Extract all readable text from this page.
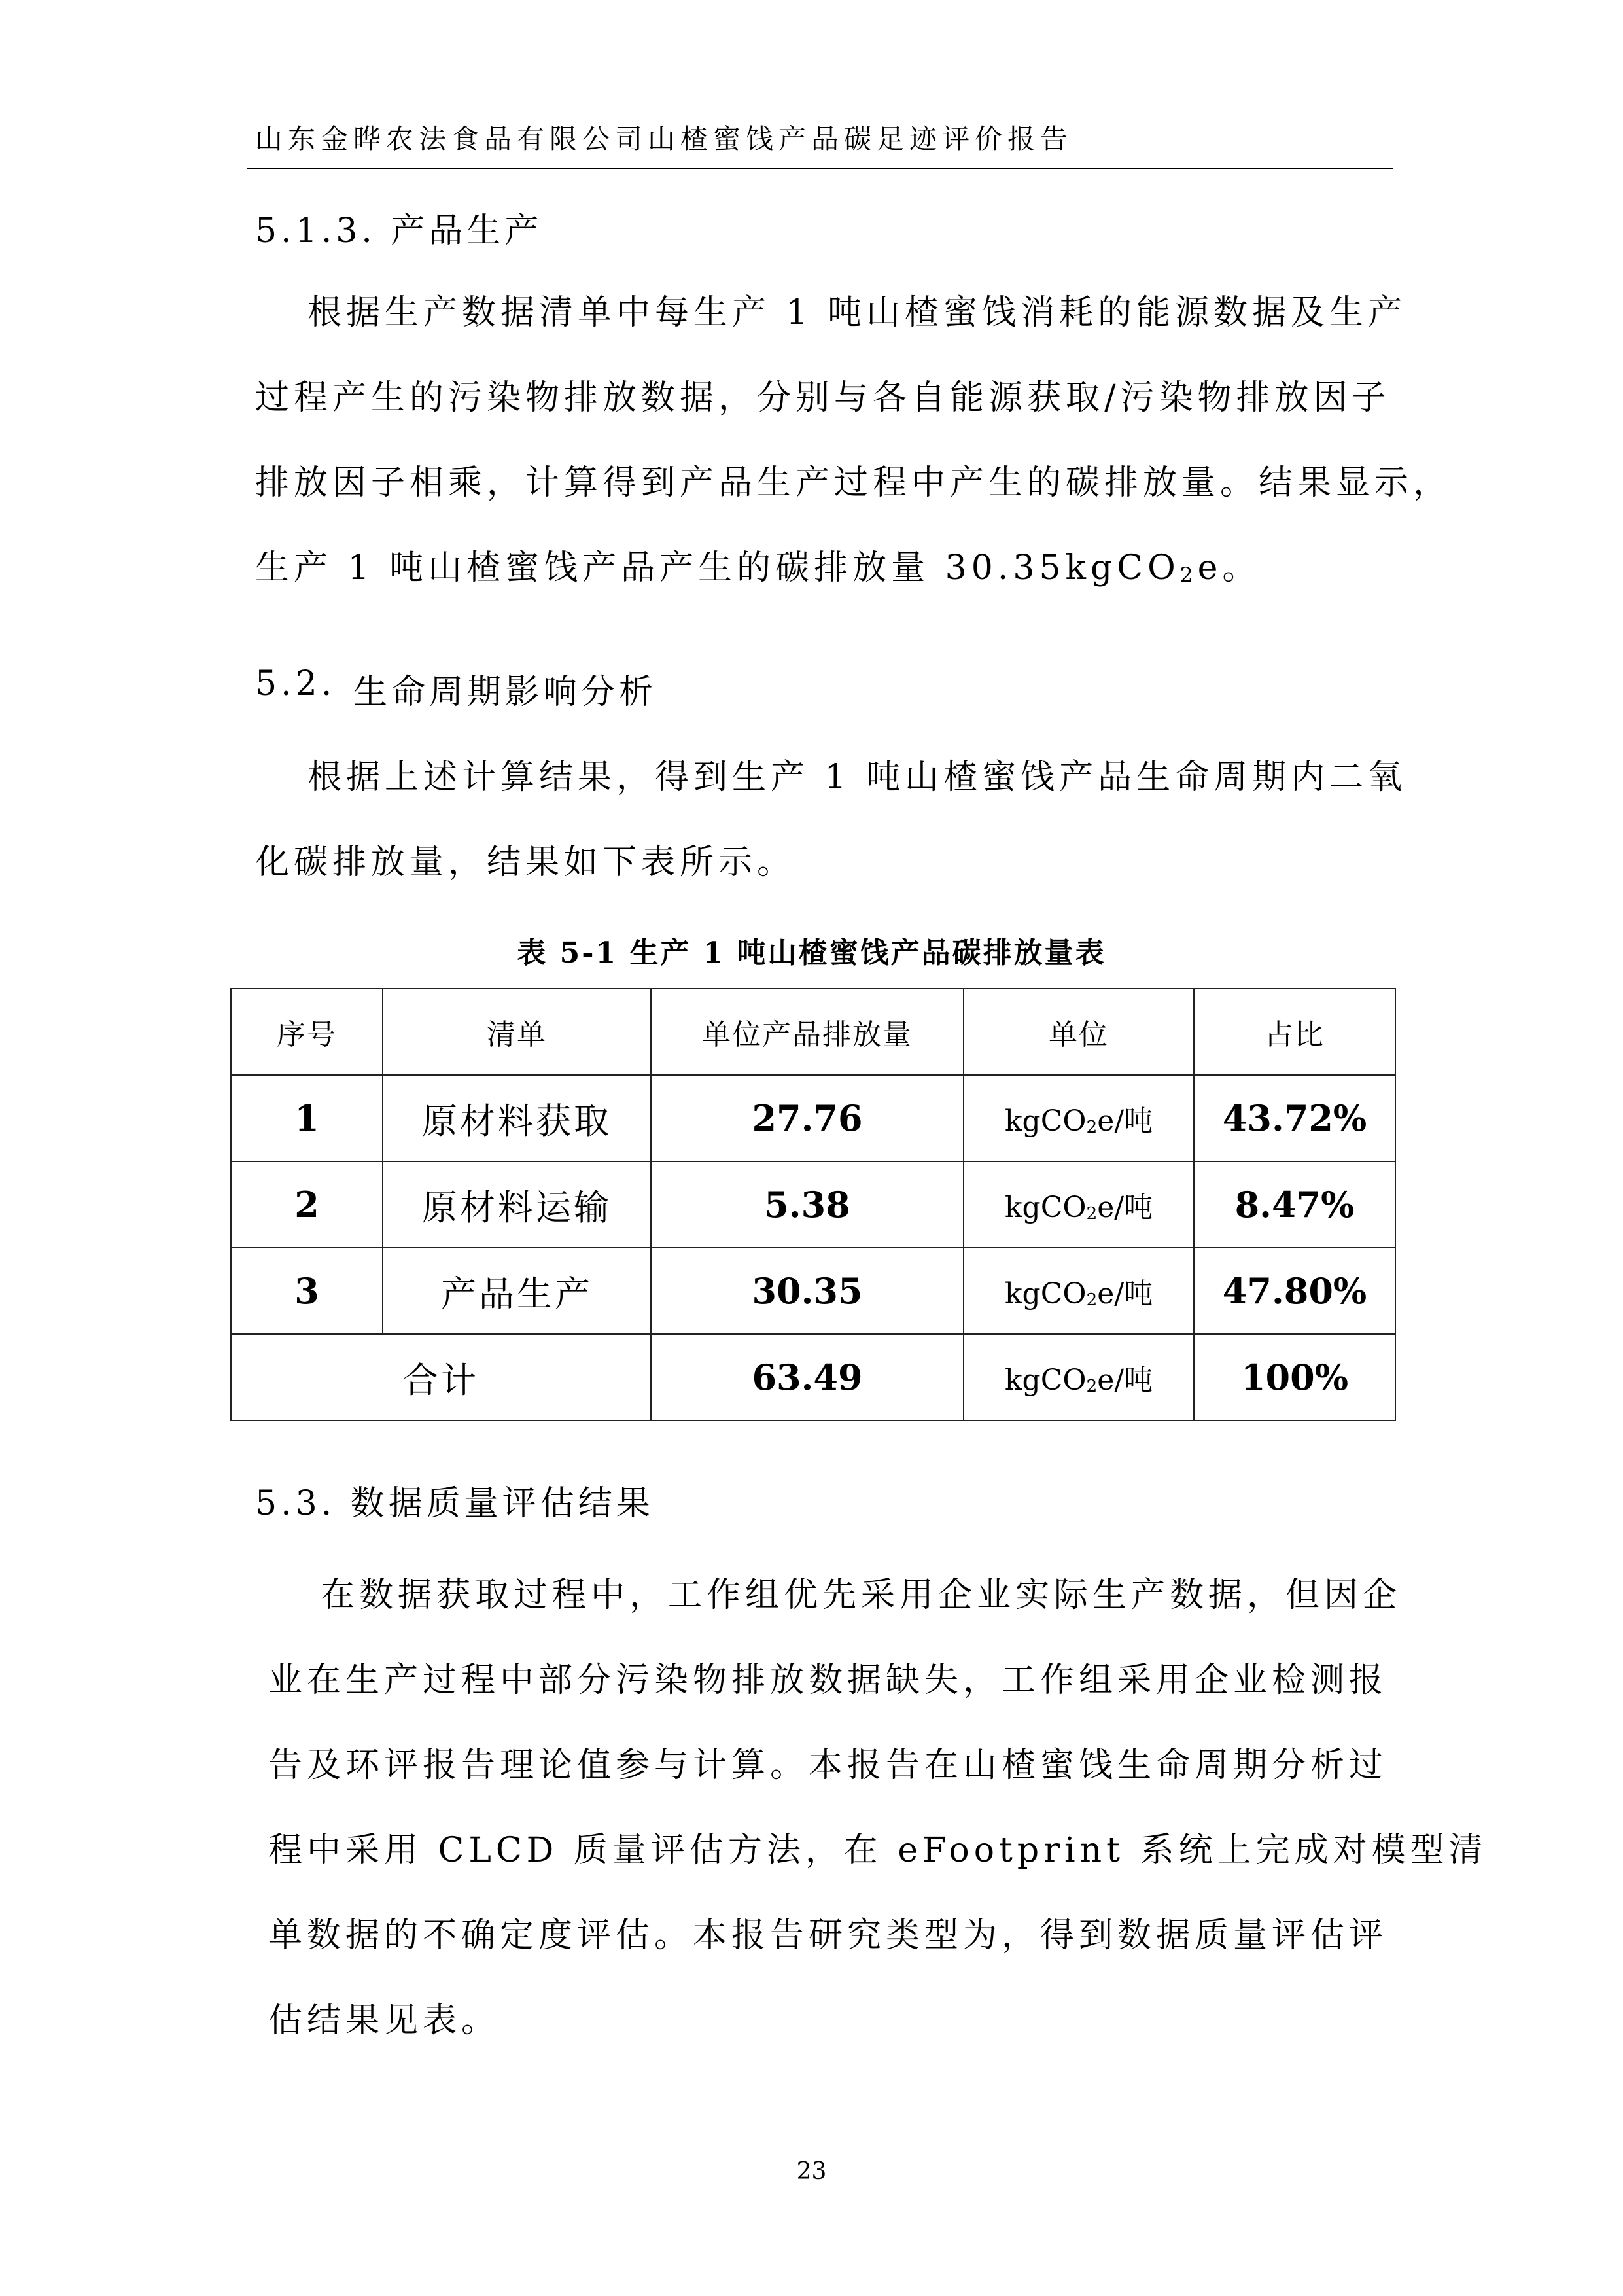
山东金晔农法食品有限公司山楂蜜饯产品碳足迹评价报告
5.1.3. 产品生产
根据生产数据清单中每生产 1 吨山楂蜜饯消耗的能源数据及生产
过程产生的污染物排放数据，分别与各自能源获取/污染物排放因子
排放因子相乘，计算得到产品生产过程中产生的碳排放量。结果显示，
生产 1 吨山楂蜜饯产品产生的碳排放量 30.35kgCO$_2$e。
5.2. 生命周期影响分析
根据上述计算结果，得到生产 1 吨山楂蜜饯产品生命周期内二氧
化碳排放量，结果如下表所示。
表 5-1 生产 1 吨山楂蜜饯产品碳排放量表
序号	清单	单位产品排放量	单位	占比
1	原材料获取	27.76	kgCO$_2$e/吨	43.72%
2	原材料运输	5.38	kgCO$_2$e/吨	8.47%
3	产品生产	30.35	kgCO$_2$e/吨	47.80%
合计		63.49	kgCO$_2$e/吨	100%
5.3. 数据质量评估结果
在数据获取过程中，工作组优先采用企业实际生产数据，但因企
业在生产过程中部分污染物排放数据缺失，工作组采用企业检测报
告及环评报告理论值参与计算。本报告在山楂蜜饯生命周期分析过
程中采用 CLCD 质量评估方法，在 eFootprint 系统上完成对模型清
单数据的不确定度评估。本报告研究类型为，得到数据质量评估评
估结果见表。
23
